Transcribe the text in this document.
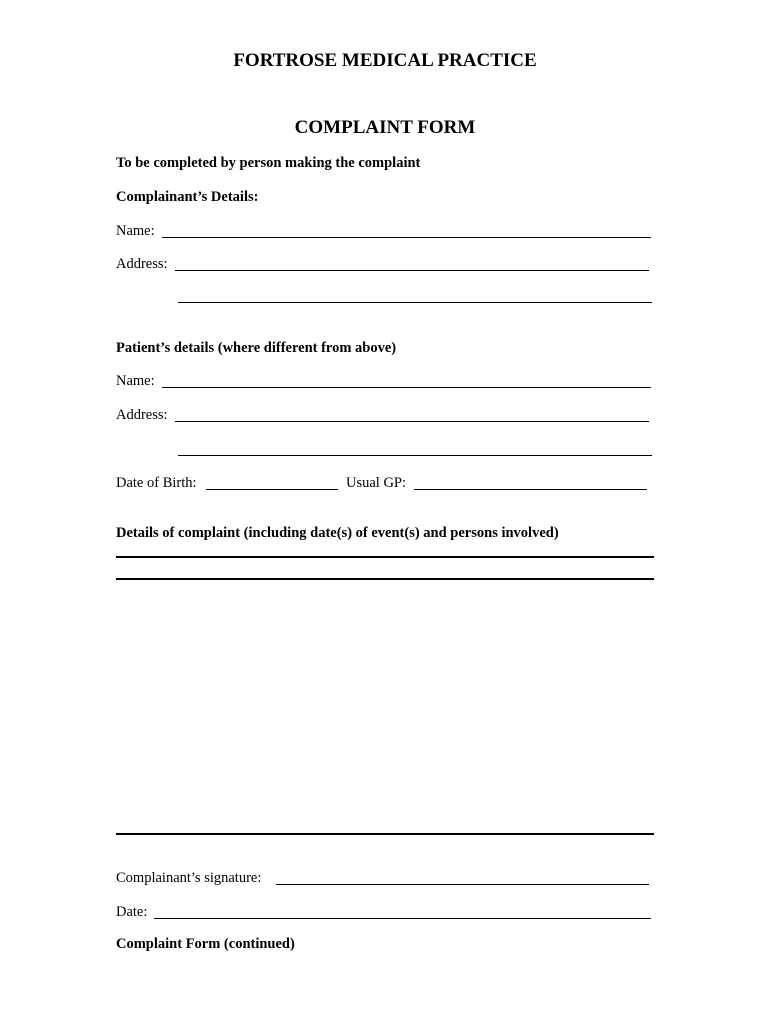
FORTROSE MEDICAL PRACTICE
COMPLAINT FORM
To be completed by person making the complaint
Complainant’s Details:
Name:
Address:
Patient’s details (where different from above)
Name:
Address:
Date of Birth:	Usual GP:
Details of complaint (including date(s) of event(s) and persons involved)
Complainant’s signature:
Date:
Complaint Form (continued)
